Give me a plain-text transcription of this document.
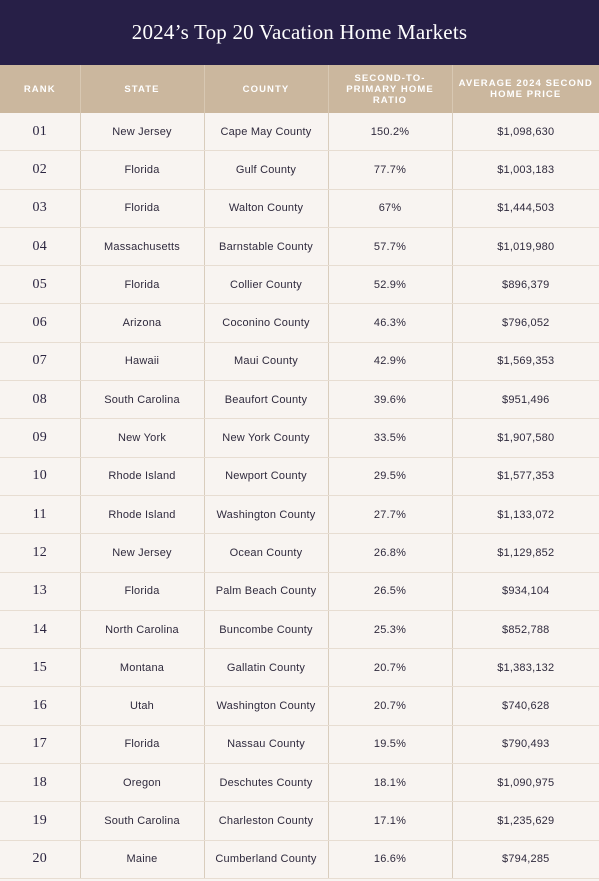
2024’s Top 20 Vacation Home Markets
RANK	STATE	COUNTY	SECOND-TO-PRIMARY HOME RATIO	AVERAGE 2024 SECOND HOME PRICE
01	New Jersey	Cape May County	150.2%	$1,098,630
02	Florida	Gulf County	77.7%	$1,003,183
03	Florida	Walton County	67%	$1,444,503
04	Massachusetts	Barnstable County	57.7%	$1,019,980
05	Florida	Collier County	52.9%	$896,379
06	Arizona	Coconino County	46.3%	$796,052
07	Hawaii	Maui County	42.9%	$1,569,353
08	South Carolina	Beaufort County	39.6%	$951,496
09	New York	New York County	33.5%	$1,907,580
10	Rhode Island	Newport County	29.5%	$1,577,353
11	Rhode Island	Washington County	27.7%	$1,133,072
12	New Jersey	Ocean County	26.8%	$1,129,852
13	Florida	Palm Beach County	26.5%	$934,104
14	North Carolina	Buncombe County	25.3%	$852,788
15	Montana	Gallatin County	20.7%	$1,383,132
16	Utah	Washington County	20.7%	$740,628
17	Florida	Nassau County	19.5%	$790,493
18	Oregon	Deschutes County	18.1%	$1,090,975
19	South Carolina	Charleston County	17.1%	$1,235,629
20	Maine	Cumberland County	16.6%	$794,285
